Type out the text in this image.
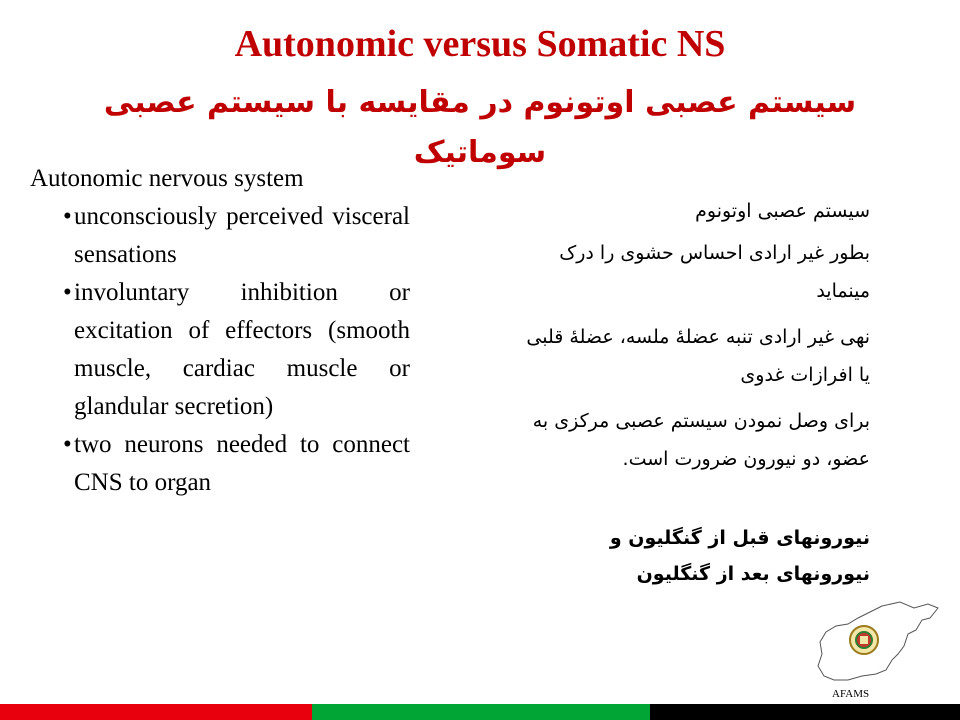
Autonomic versus Somatic NS
سیستم عصبی اوتونوم در مقایسه با سیستم عصبی سوماتیک

Autonomic nervous system

• unconsciously perceived visceral sensations
• involuntary inhibition or excitation of effectors (smooth muscle, cardiac muscle or glandular secretion)
• two neurons needed to connect CNS to organ

سیستم عصبی اوتونوم

بطور غیر ارادی احساس حشوی را درک مینماید

نهی غیر ارادی تنبه عضلهٔ ملسه، عضلهٔ قلبی یا افرازات غدوی

برای وصل نمودن سیستم عصبی مرکزی به عضو، دو نیورون ضرورت است.

نیورونهای قبل از گنگلیون و
نیورونهای بعد از گنگلیون
AFAMS
